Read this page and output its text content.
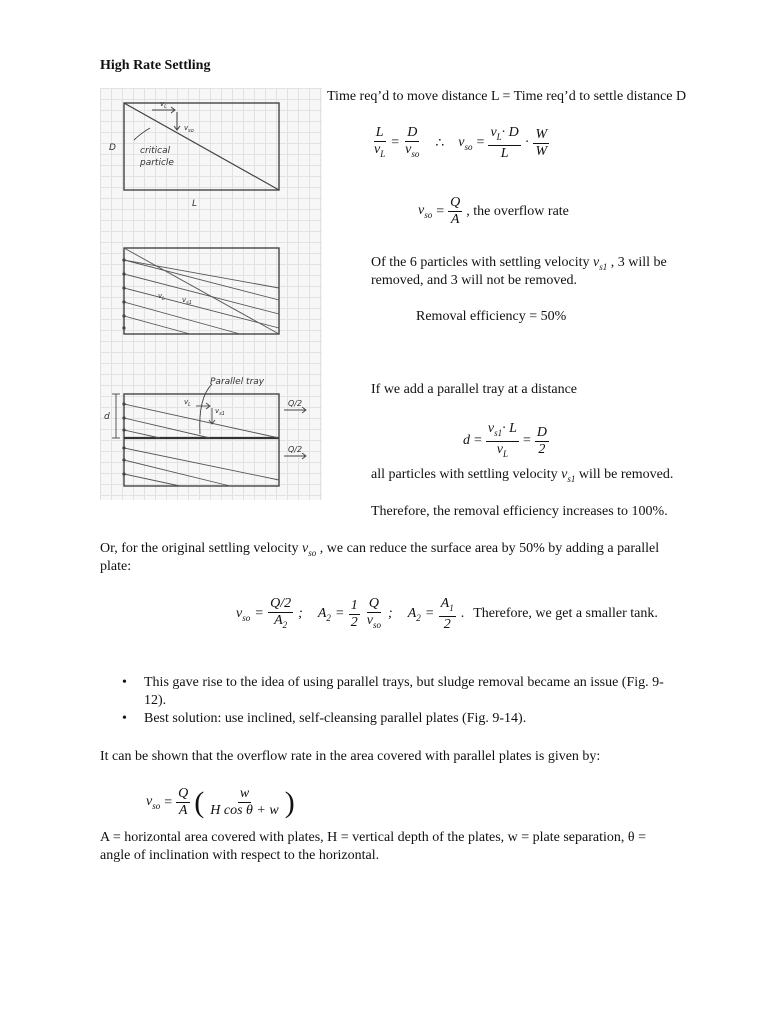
High Rate Settling
$v_L$
$v_{so}$
critical
particle
D
L
$v_L$ $v_{s1}$
d
Parallel tray
$v_L$
$v_{s1}$
Q/2
Q/2
Time req’d to move distance L = Time req’d to settle distance D
$\frac{L}{v_L} = \frac{D}{v_{so}}$ ∴ $v_{so} = \frac{v_L\cdot D}{L} \cdot \frac{W}{W}$
$v_{so} = \frac{Q}{A}$ , the overflow rate
Of the 6 particles with settling velocity $v_{s1}$ , 3 will be
removed, and 3 will not be removed.
Removal efficiency = 50%
If we add a parallel tray at a distance
$d = \frac{v_{s1}\cdot L}{v_L} = \frac{D}{2}$
all particles with settling velocity $v_{s1}$ will be removed.
Therefore, the removal efficiency increases to 100%.
Or, for the original settling velocity $v_{so}$ , we can reduce the surface area by 50% by adding a parallel
plate:
$v_{so} = \frac{Q/2}{A_2}$ ; $A_2 = \frac{1}{2} \frac{Q}{v_{so}}$ ; $A_2 = \frac{A_1}{2}$ . Therefore, we get a smaller tank.
• This gave rise to the idea of using parallel trays, but sludge removal became an issue (Fig. 9-
12).
• Best solution: use inclined, self-cleansing parallel plates (Fig. 9-14).
It can be shown that the overflow rate in the area covered with parallel plates is given by:
$v_{so} = \frac{Q}{A}$ ( $\frac{w}{\text{H cos θ + w}}$ )
A = horizontal area covered with plates, H = vertical depth of the plates, w = plate separation, θ =
angle of inclination with respect to the horizontal.
